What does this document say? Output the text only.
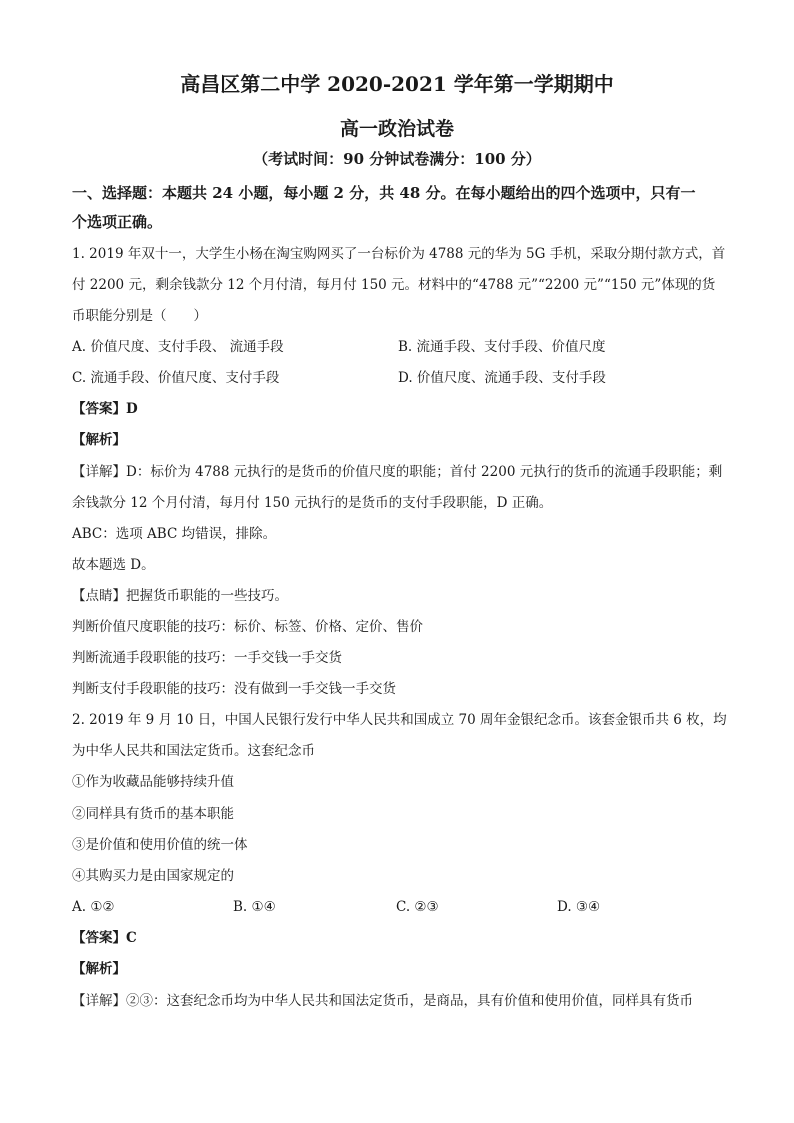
高昌区第二中学 2020-2021 学年第一学期期中
高一政治试卷
（考试时间：90 分钟试卷满分：100 分）
一、选择题：本题共 24 小题，每小题 2 分，共 48 分。在每小题给出的四个选项中，只有一
个选项正确。
1. 2019 年双十一，大学生小杨在淘宝购网买了一台标价为 4788 元的华为 5G 手机，采取分期付款方式，首
付 2200 元，剩余钱款分 12 个月付清，每月付 150 元。材料中的“4788 元”“2200 元”“150 元”体现的货
币职能分别是（　　）
A. 价值尺度、支付手段、 流通手段	B. 流通手段、支付手段、价值尺度
C. 流通手段、价值尺度、支付手段	D. 价值尺度、流通手段、支付手段
【答案】D
【解析】
【详解】D：标价为 4788 元执行的是货币的价值尺度的职能；首付 2200 元执行的货币的流通手段职能；剩
余钱款分 12 个月付清，每月付 150 元执行的是货币的支付手段职能，D 正确。
ABC：选项 ABC 均错误，排除。
故本题选 D。
【点睛】把握货币职能的一些技巧。
判断价值尺度职能的技巧：标价、标签、价格、定价、售价
判断流通手段职能的技巧：一手交钱一手交货
判断支付手段职能的技巧：没有做到一手交钱一手交货
2. 2019 年 9 月 10 日，中国人民银行发行中华人民共和国成立 70 周年金银纪念币。该套金银币共 6 枚，均
为中华人民共和国法定货币。这套纪念币
①作为收藏品能够持续升值
②同样具有货币的基本职能
③是价值和使用价值的统一体
④其购买力是由国家规定的
A. ①②	B. ①④	C. ②③	D. ③④
【答案】C
【解析】
【详解】②③：这套纪念币均为中华人民共和国法定货币，是商品，具有价值和使用价值，同样具有货币
